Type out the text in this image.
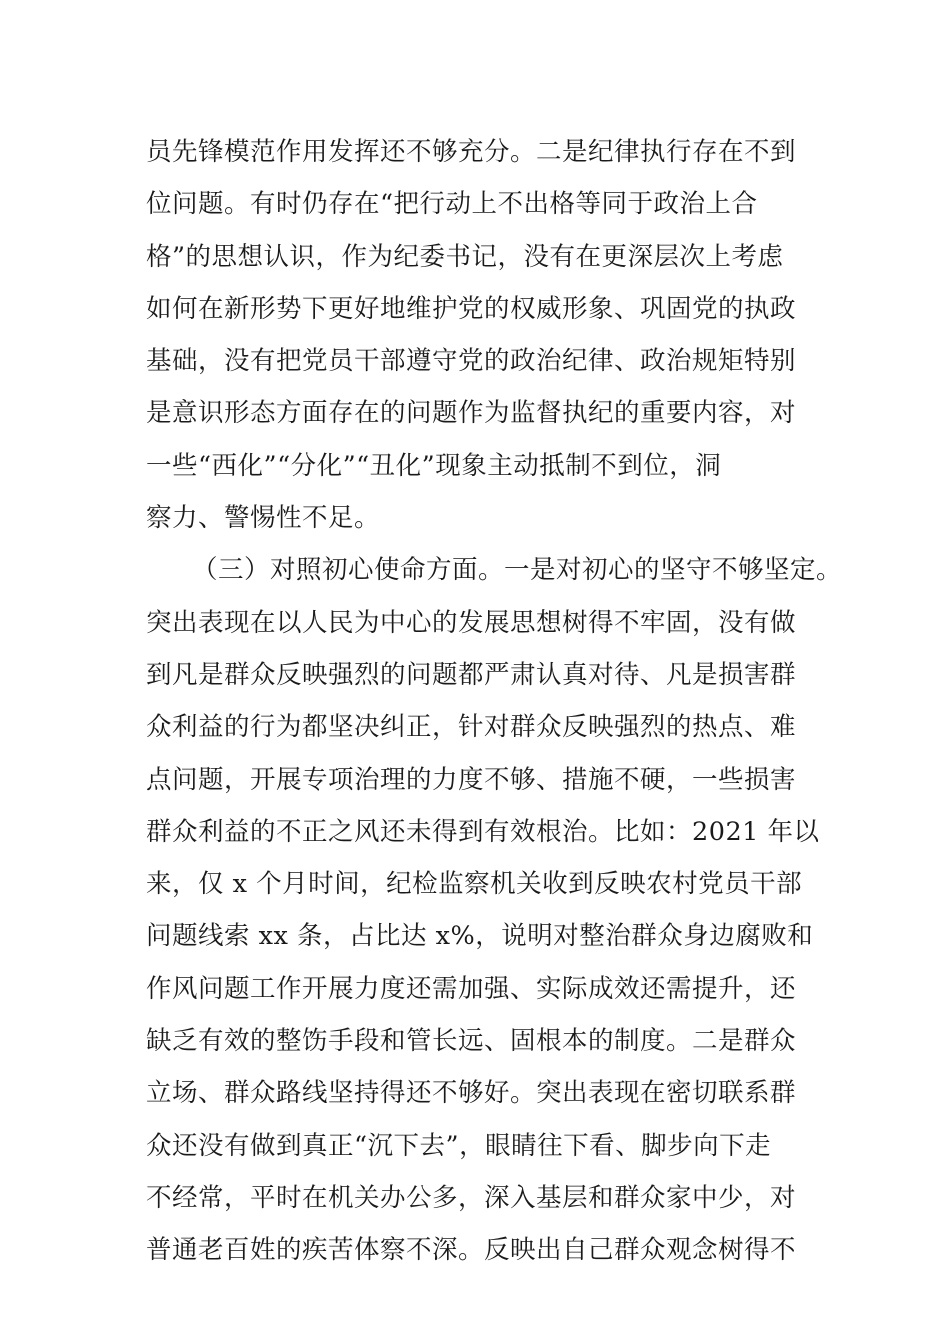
员先锋模范作用发挥还不够充分。二是纪律执行存在不到
位问题。有时仍存在“把行动上不出格等同于政治上合
格”的思想认识，作为纪委书记，没有在更深层次上考虑
如何在新形势下更好地维护党的权威形象、巩固党的执政
基础，没有把党员干部遵守党的政治纪律、政治规矩特别
是意识形态方面存在的问题作为监督执纪的重要内容，对
一些“西化”“分化”“丑化”现象主动抵制不到位，洞
察力、警惕性不足。
（三）对照初心使命方面。一是对初心的坚守不够坚定。
突出表现在以人民为中心的发展思想树得不牢固，没有做
到凡是群众反映强烈的问题都严肃认真对待、凡是损害群
众利益的行为都坚决纠正，针对群众反映强烈的热点、难
点问题，开展专项治理的力度不够、措施不硬，一些损害
群众利益的不正之风还未得到有效根治。比如：2021 年以
来，仅 x 个月时间，纪检监察机关收到反映农村党员干部
问题线索 xx 条，占比达 x%，说明对整治群众身边腐败和
作风问题工作开展力度还需加强、实际成效还需提升，还
缺乏有效的整饬手段和管长远、固根本的制度。二是群众
立场、群众路线坚持得还不够好。突出表现在密切联系群
众还没有做到真正“沉下去”，眼睛往下看、脚步向下走
不经常，平时在机关办公多，深入基层和群众家中少，对
普通老百姓的疾苦体察不深。反映出自己群众观念树得不
